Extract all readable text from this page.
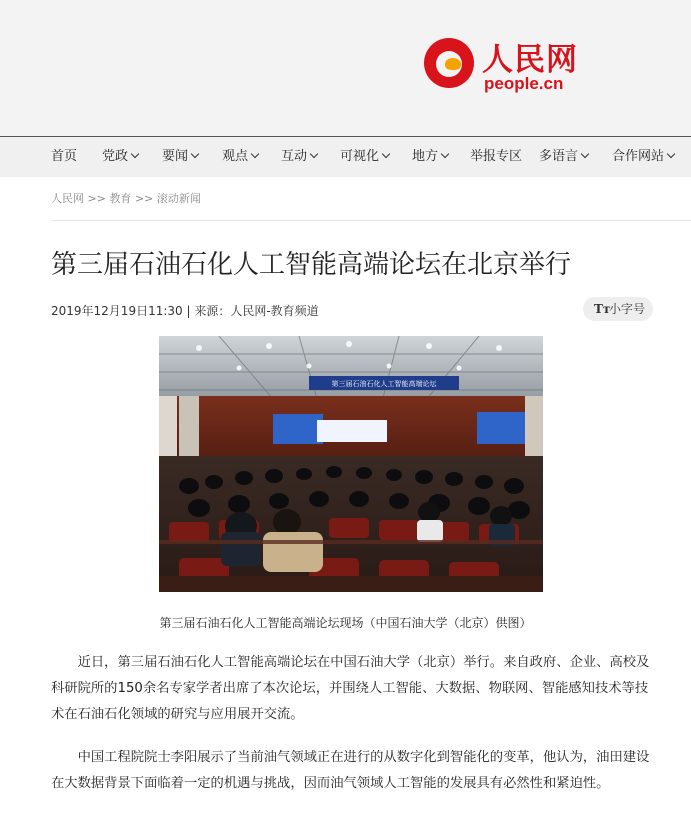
人民网
people.cn
首页 党政	要闻	观点	互动	可视化	地方	举报专区 多语言	合作网站
人民网 >> 教育 >> 滚动新闻
第三届石油石化人工智能高端论坛在北京举行
2019年12月19日11:30 | 来源：人民网-教育频道	Tт
小字号
第三届石油石化人工智能高端论坛
第三届石油石化人工智能高端论坛现场（中国石油大学（北京）供图）

近日，第三届石油石化人工智能高端论坛在中国石油大学（北京）举行。来自政府、企业、高校及科研院所的150余名专家学者出席了本次论坛，并围绕人工智能、大数据、物联网、智能感知技术等技术在石油石化领域的研究与应用展开交流。

中国工程院院士李阳展示了当前油气领域正在进行的从数字化到智能化的变革，他认为，油田建设在大数据背景下面临着一定的机遇与挑战，因而油气领域人工智能的发展具有必然性和紧迫性。
